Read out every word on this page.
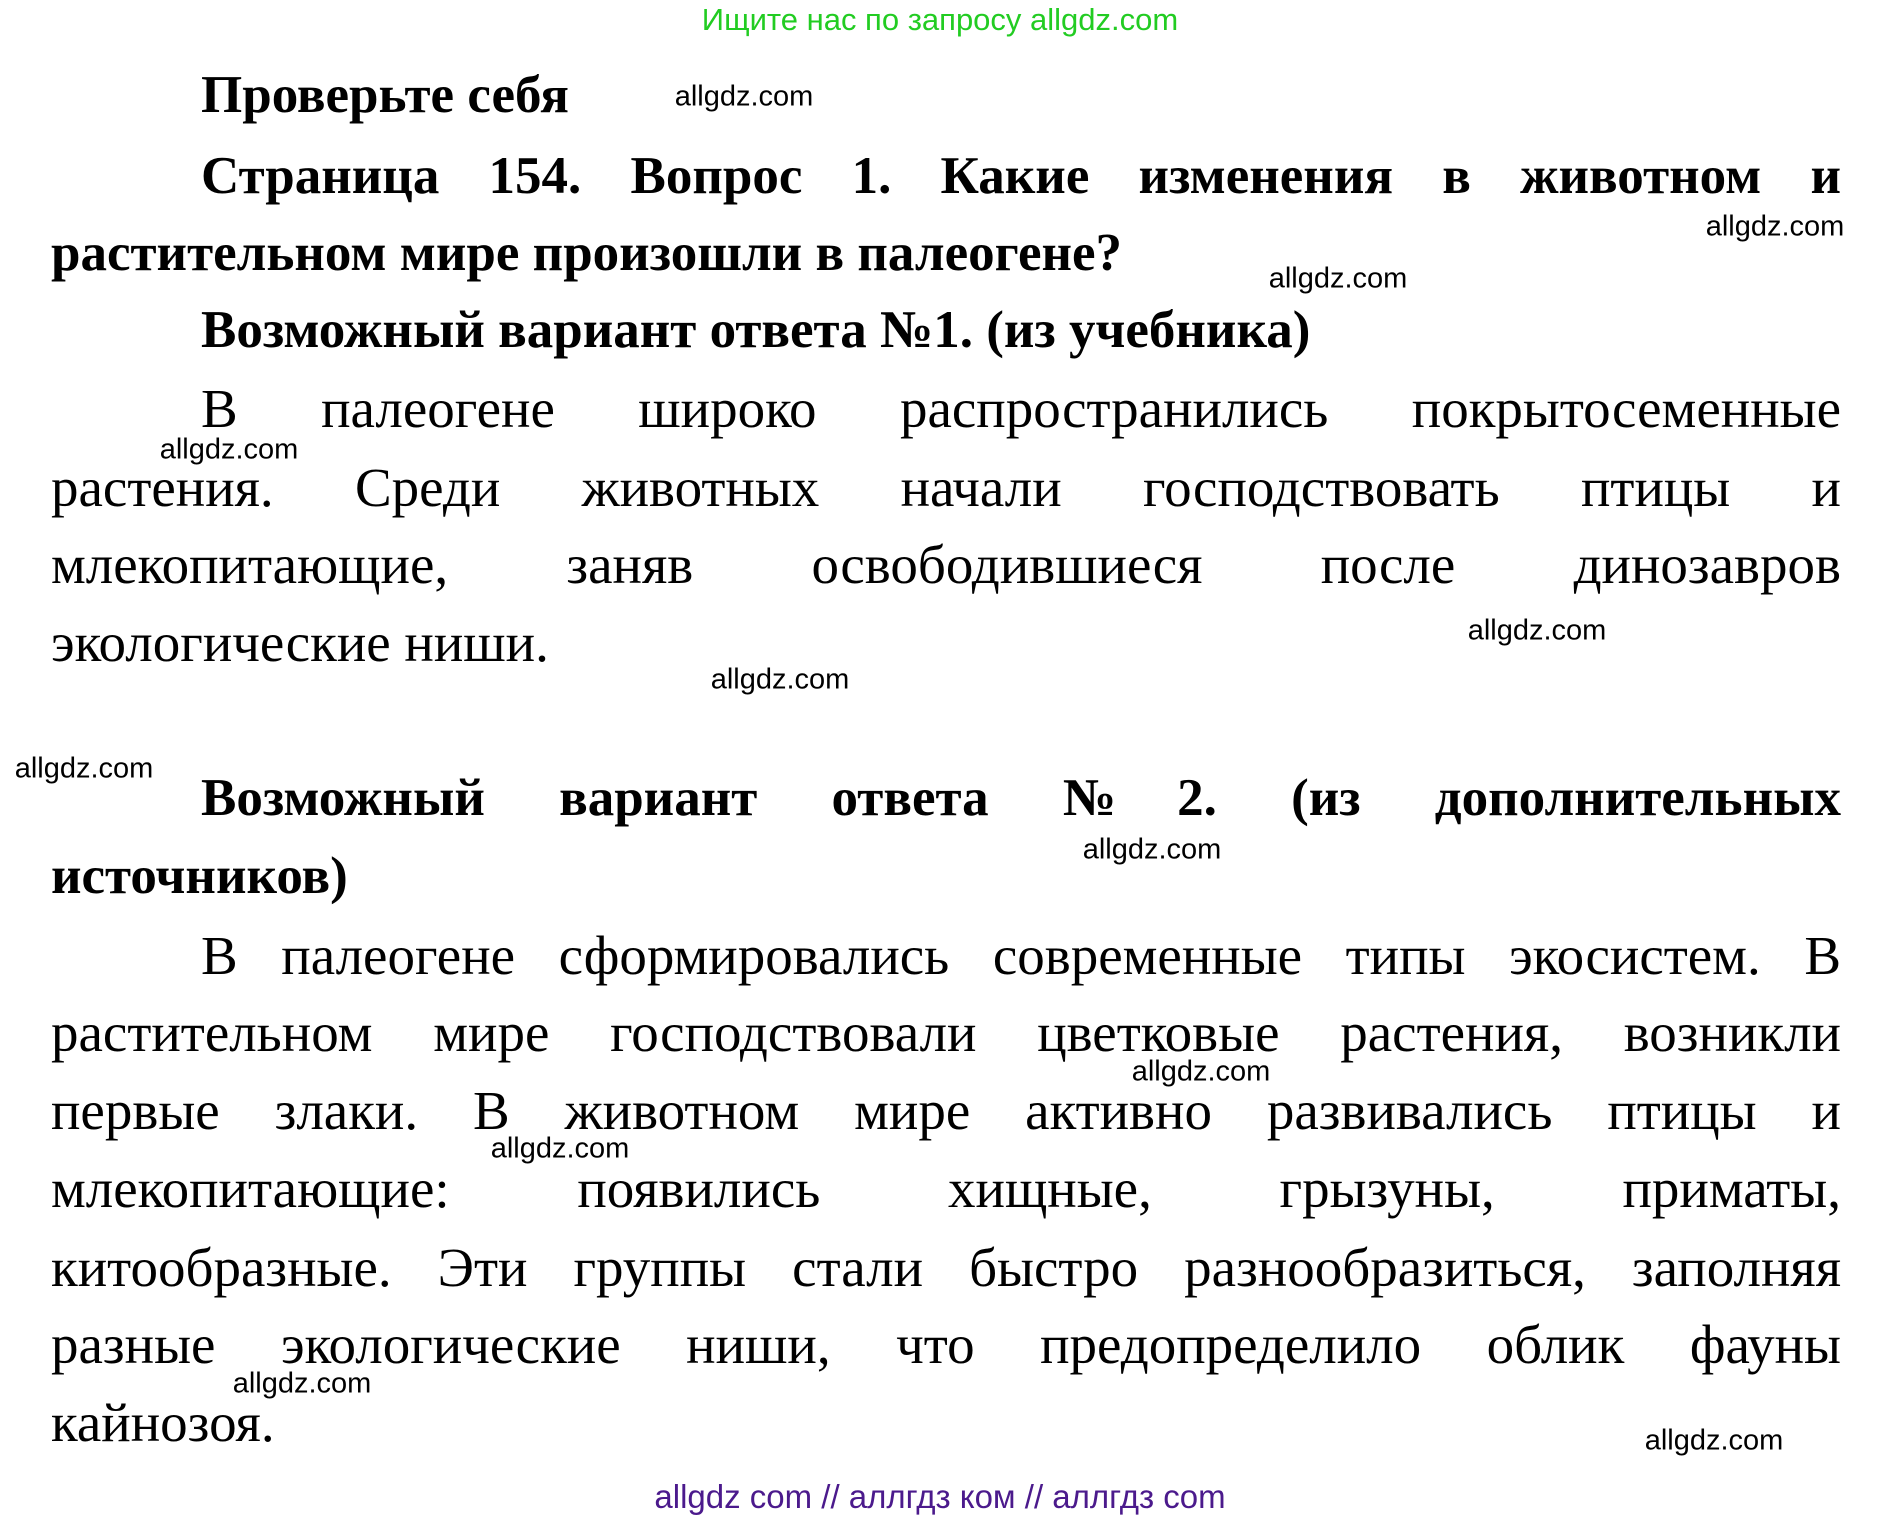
Ищите нас по запросу allgdz.com
Проверьте себя
Страница 154. Вопрос 1. Какие изменения в животном и
растительном мире произошли в палеогене?
Возможный вариант ответа №1. (из учебника)
В палеогене широко распространились покрытосеменные
растения. Среди животных начали господствовать птицы и
млекопитающие, заняв освободившиеся после динозавров
экологические ниши.
Возможный вариант ответа №2. (из дополнительных
источников)
В палеогене сформировались современные типы экосистем. В
растительном мире господствовали цветковые растения, возникли
первые злаки. В животном мире активно развивались птицы и
млекопитающие: появились хищные, грызуны, приматы,
китообразные. Эти группы стали быстро разнообразиться, заполняя
разные экологические ниши, что предопределило облик фауны
кайнозоя.
allgdz.com
allgdz.com
allgdz.com
allgdz.com
allgdz.com
allgdz.com
allgdz.com
allgdz.com
allgdz.com
allgdz.com
allgdz.com
allgdz.com
allgdz com // аллгдз ком // аллгдз com
